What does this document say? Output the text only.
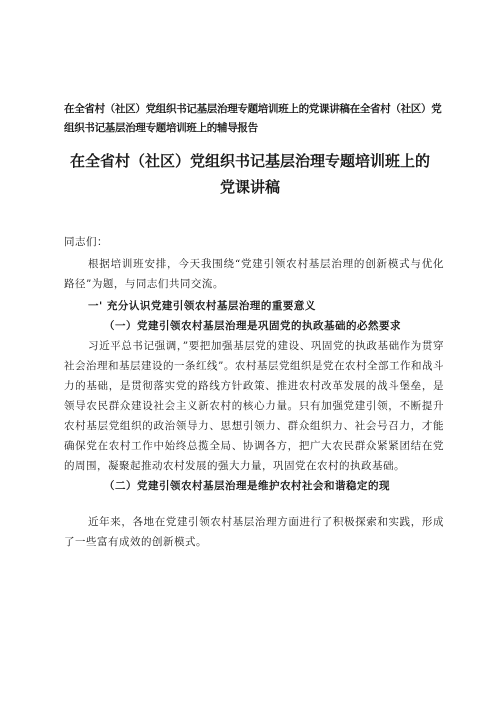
在全省村（社区）党组织书记基层治理专题培训班上的党课讲稿在全省村（社区）党组织书记基层治理专题培训班上的辅导报告
在全省村（社区）党组织书记基层治理专题培训班上的
党课讲稿

同志们：

根据培训班安排，今天我围绕“党建引领农村基层治理的创新模式与优化路径”为题，与同志们共同交流。

一' 充分认识党建引领农村基层治理的重要意义

（一）党建引领农村基层治理是巩固党的执政基础的必然要求

习近平总书记强调，”要把加强基层党的建设、巩固党的执政基础作为贯穿社会治理和基层建设的一条红线”。农村基层党组织是党在农村全部工作和战斗力的基础，是贯彻落实党的路线方针政策、推进农村改革发展的战斗堡垒，是领导农民群众建设社会主义新农村的核心力量。只有加强党建引领，不断提升农村基层党组织的政治领导力、思想引领力、群众组织力、社会号召力，才能确保党在农村工作中始终总揽全局、协调各方，把广大农民群众紧紧团结在党的周围，凝聚起推动农村发展的强大力量，巩固党在农村的执政基础。

（二）党建引领农村基层治理是维护农村社会和谐稳定的现

近年来，各地在党建引领农村基层治理方面进行了积极探索和实践，形成了一些富有成效的创新模式。
